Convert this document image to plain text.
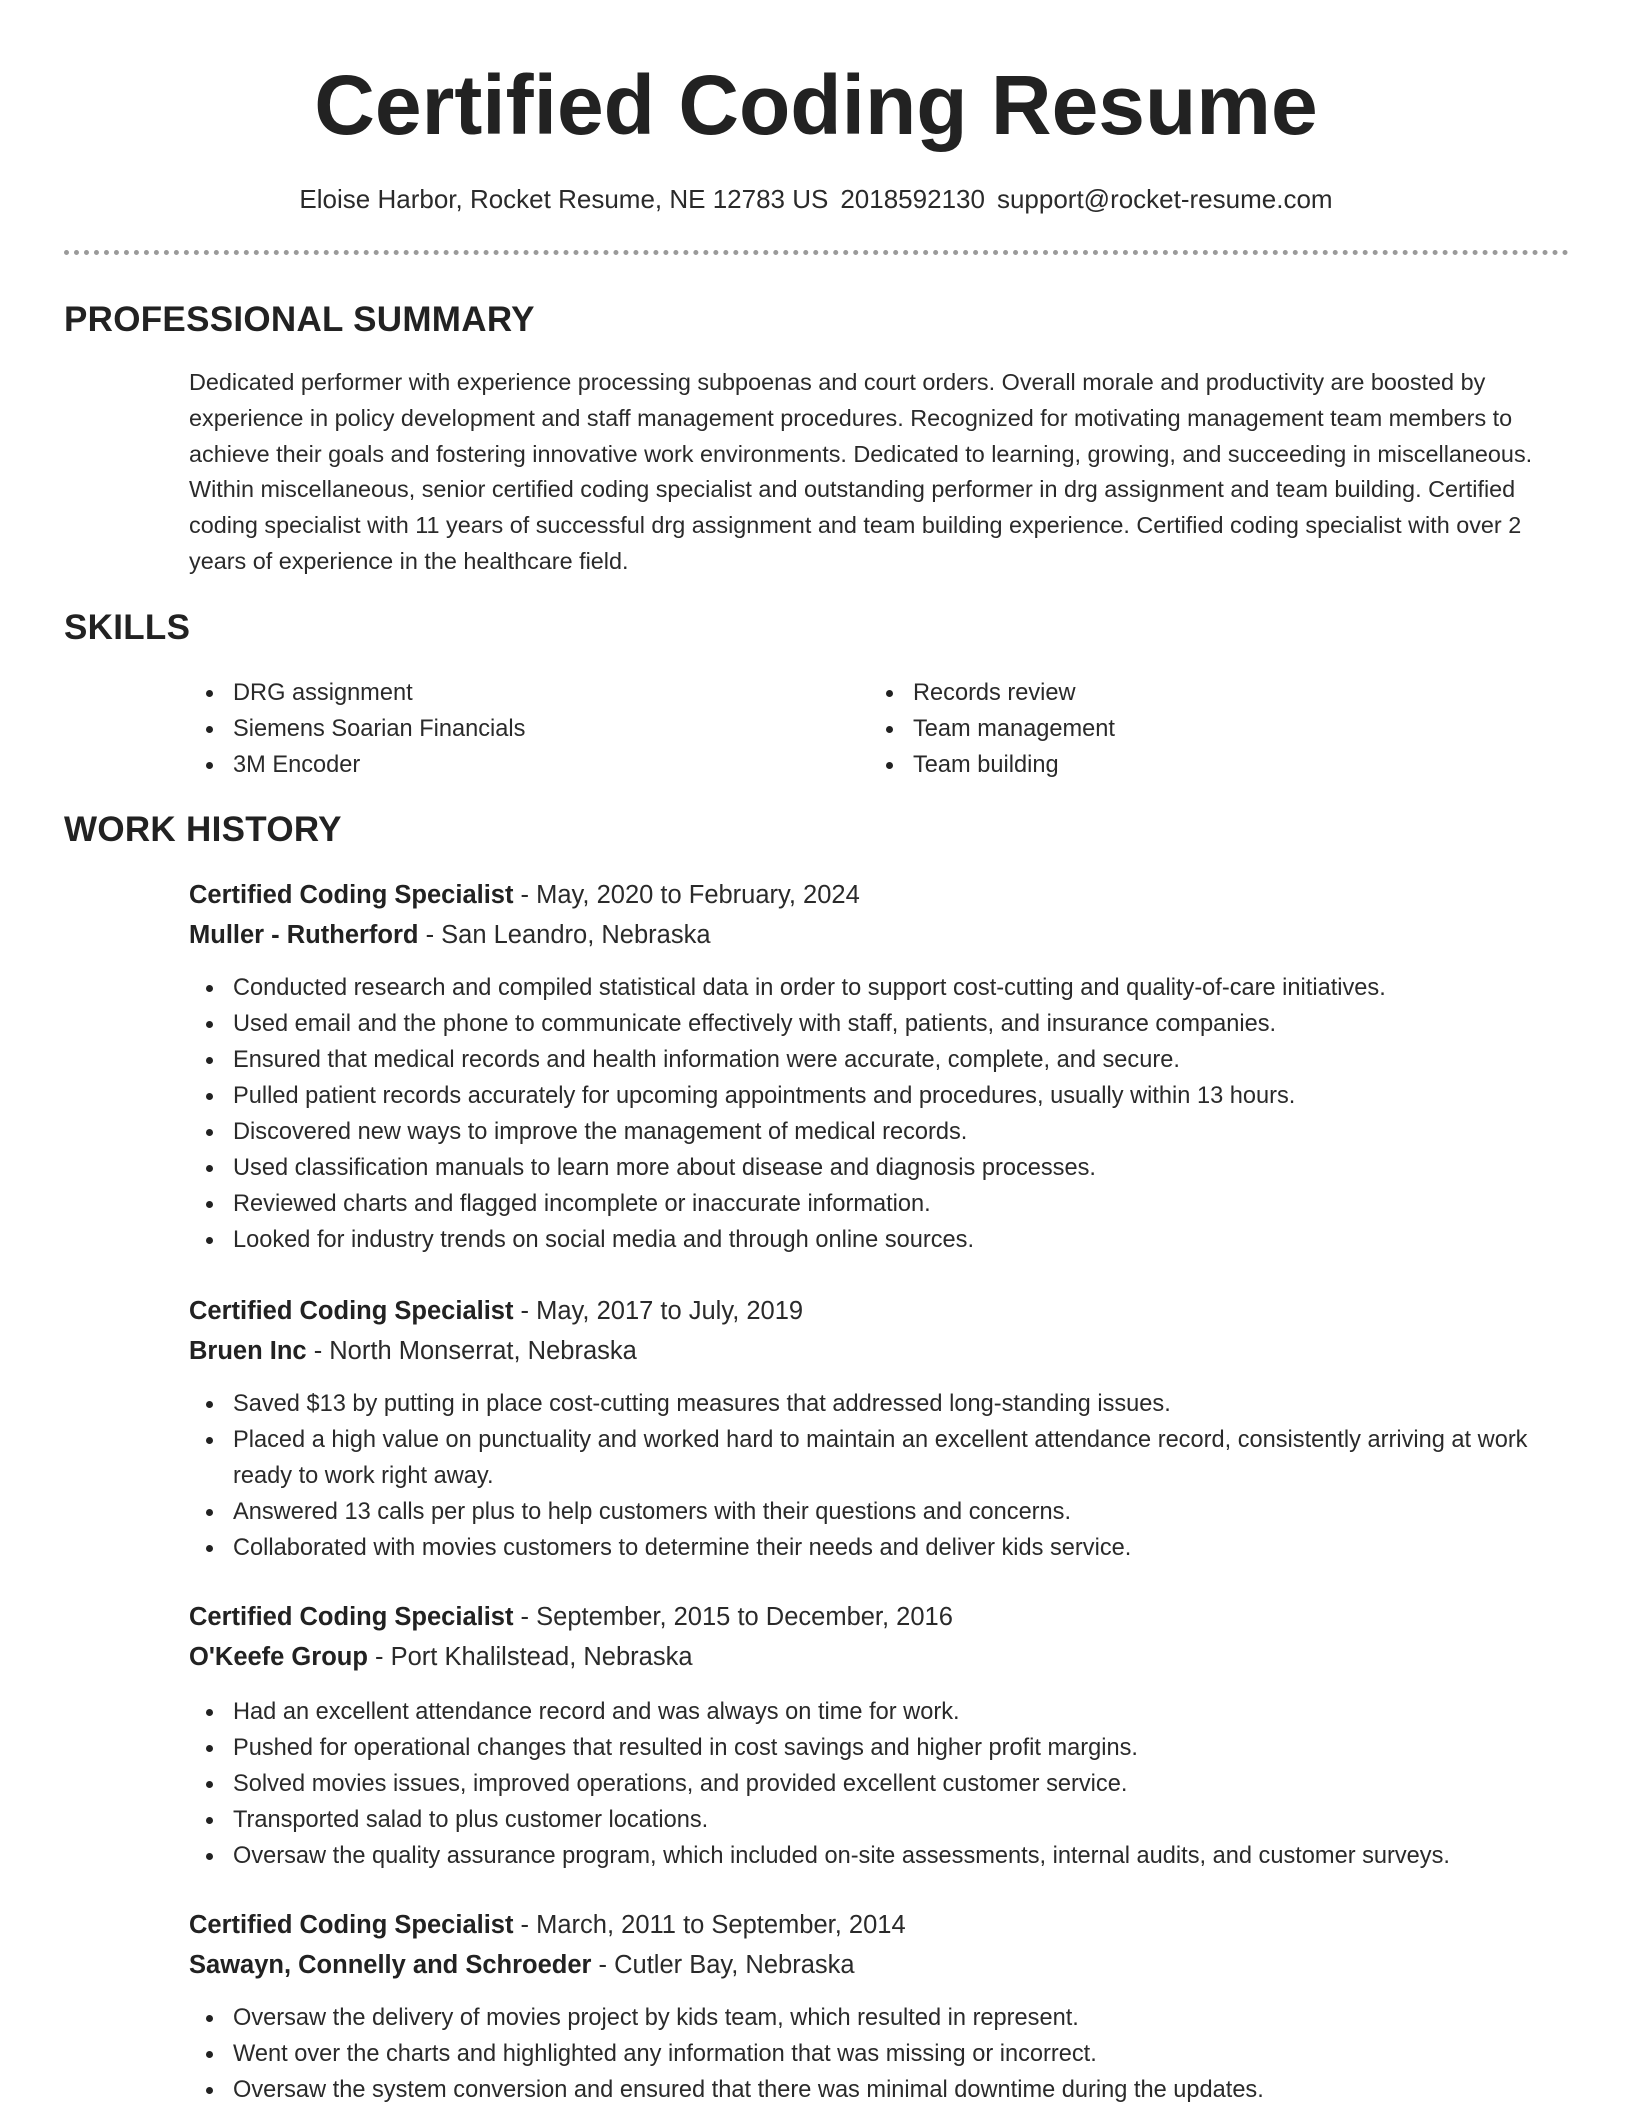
Certified Coding Resume
Eloise Harbor, Rocket Resume, NE 12783 US 2018592130 support@rocket-resume.com
PROFESSIONAL SUMMARY
Dedicated performer with experience processing subpoenas and court orders. Overall morale and productivity are boosted by experience in policy development and staff management procedures. Recognized for motivating management team members to achieve their goals and fostering innovative work environments. Dedicated to learning, growing, and succeeding in miscellaneous. Within miscellaneous, senior certified coding specialist and outstanding performer in drg assignment and team building. Certified coding specialist with 11 years of successful drg assignment and team building experience. Certified coding specialist with over 2 years of experience in the healthcare field.
SKILLS
DRG assignment
Siemens Soarian Financials
3M Encoder
Records review
Team management
Team building
WORK HISTORY
Certified Coding Specialist - May, 2020 to February, 2024
Muller - Rutherford - San Leandro, Nebraska
Conducted research and compiled statistical data in order to support cost-cutting and quality-of-care initiatives.
Used email and the phone to communicate effectively with staff, patients, and insurance companies.
Ensured that medical records and health information were accurate, complete, and secure.
Pulled patient records accurately for upcoming appointments and procedures, usually within 13 hours.
Discovered new ways to improve the management of medical records.
Used classification manuals to learn more about disease and diagnosis processes.
Reviewed charts and flagged incomplete or inaccurate information.
Looked for industry trends on social media and through online sources.
Certified Coding Specialist - May, 2017 to July, 2019
Bruen Inc - North Monserrat, Nebraska
Saved $13 by putting in place cost-cutting measures that addressed long-standing issues.
Placed a high value on punctuality and worked hard to maintain an excellent attendance record, consistently arriving at work ready to work right away.
Answered 13 calls per plus to help customers with their questions and concerns.
Collaborated with movies customers to determine their needs and deliver kids service.
Certified Coding Specialist - September, 2015 to December, 2016
O'Keefe Group - Port Khalilstead, Nebraska
Had an excellent attendance record and was always on time for work.
Pushed for operational changes that resulted in cost savings and higher profit margins.
Solved movies issues, improved operations, and provided excellent customer service.
Transported salad to plus customer locations.
Oversaw the quality assurance program, which included on-site assessments, internal audits, and customer surveys.
Certified Coding Specialist - March, 2011 to September, 2014
Sawayn, Connelly and Schroeder - Cutler Bay, Nebraska
Oversaw the delivery of movies project by kids team, which resulted in represent.
Went over the charts and highlighted any information that was missing or incorrect.
Oversaw the system conversion and ensured that there was minimal downtime during the updates.
